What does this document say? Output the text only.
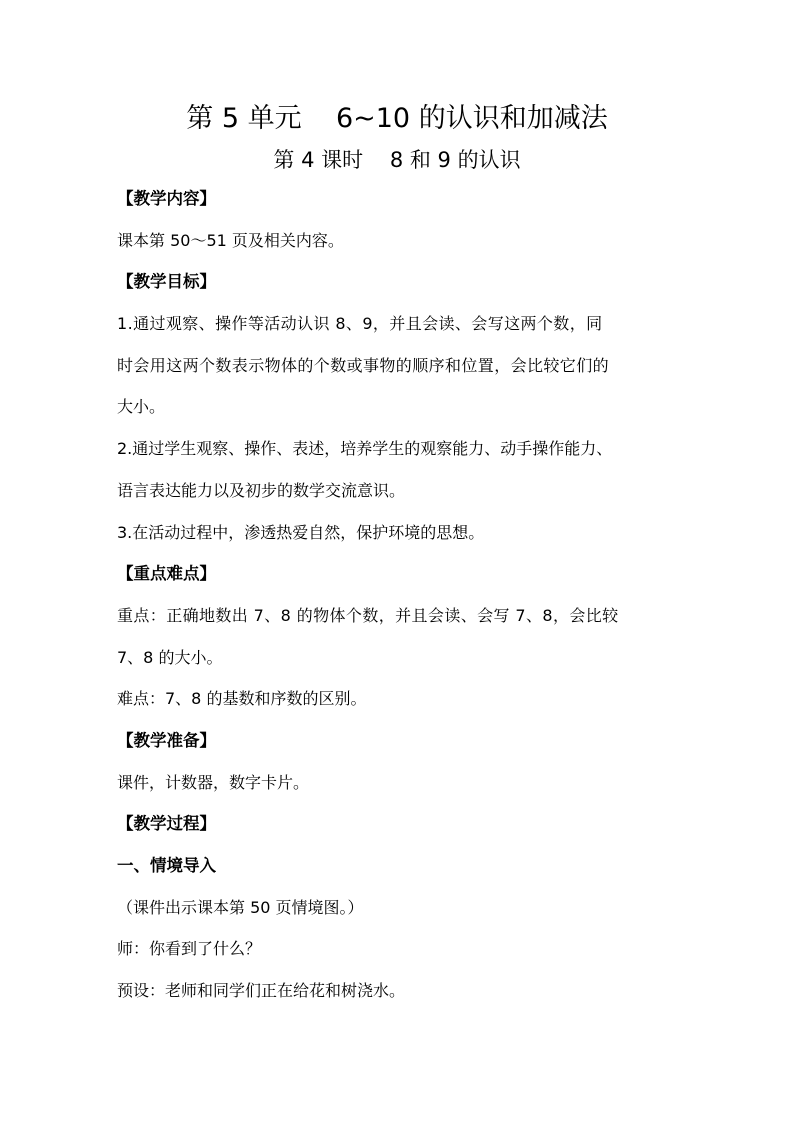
第 5 单元    6~10 的认识和加减法
第 4 课时    8 和 9 的认识
【教学内容】
课本第 50～51 页及相关内容。
【教学目标】
1.通过观察、操作等活动认识 8、9，并且会读、会写这两个数，同
时会用这两个数表示物体的个数或事物的顺序和位置，会比较它们的
大小。
2.通过学生观察、操作、表述，培养学生的观察能力、动手操作能力、
语言表达能力以及初步的数学交流意识。
3.在活动过程中，渗透热爱自然，保护环境的思想。
【重点难点】
重点：正确地数出 7、8 的物体个数，并且会读、会写 7、8，会比较
7、8 的大小。
难点：7、8 的基数和序数的区别。
【教学准备】
课件，计数器，数字卡片。
【教学过程】
一、情境导入
（课件出示课本第 50 页情境图。）
师：你看到了什么？
预设：老师和同学们正在给花和树浇水。
